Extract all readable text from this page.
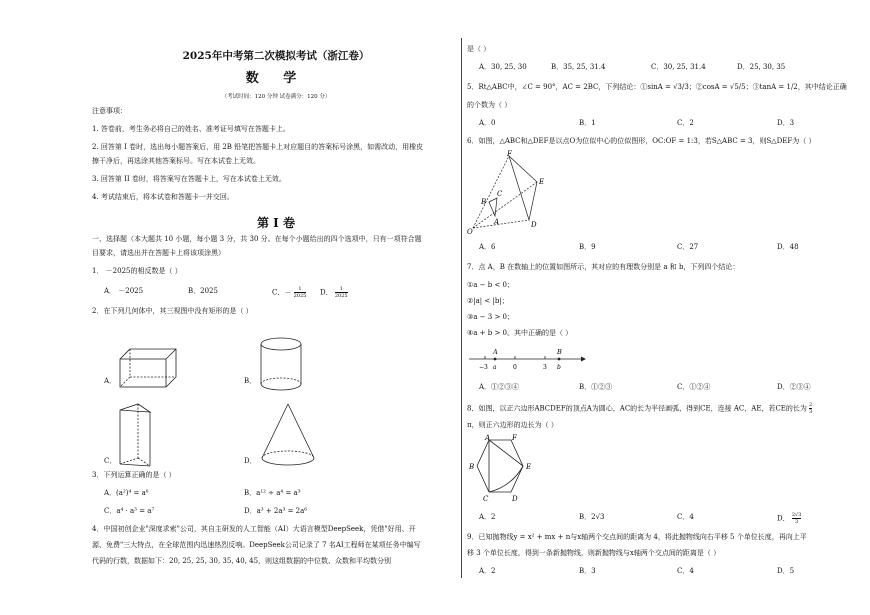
2025年中考第二次模拟考试（浙江卷）
数 学
（考试时间：120 分钟 试卷满分：120 分）
注意事项：
1. 答卷前，考生务必将自己的姓名、准考证号填写在答题卡上。
2. 回答第 I 卷时，选出每小题答案后，用 2B 铅笔把答题卡上对应题目的答案标号涂黑，如需改动，用橡皮
擦干净后，再选涂其他答案标号。写在本试卷上无效。
3. 回答第 II 卷时，将答案写在答题卡上，写在本试卷上无效。
4. 考试结束后，将本试卷和答题卡一并交回。
第 I 卷
一、选择题（本大题共 10 小题，每小题 3 分，共 30 分。在每个小题给出的四个选项中，只有一项符合题
目要求，请选出并在答题卡上将该项涂黑）
1． －2025的相反数是（ ）
A． －2025	B．2025	C．－ $\frac{1}{2025}$ D． $\frac{1}{2025}$
2．在下列几何体中，其三视图中没有矩形的是（ ）
A．	B．
C．	D．
3．下列运算正确的是（ ）
A．(a²)⁴ = a⁶	B．a¹² ÷ a⁴ = a³
C．a⁴ · a³ = a⁷	D．a³ + 2a³ = 2a⁶
4．中国初创企业"深度求索"公司，其自主研发的人工智能（AI）大语言模型DeepSeek，凭借"好用、开
源、免费"三大特点，在全球范围内迅速热烈反响。DeepSeek公司记录了 7 名AI工程师在某项任务中编写
代码的行数，数据如下：20, 25, 25, 30, 35, 40, 45，则这组数据的中位数、众数和平均数分别
是（ ）
A．30, 25, 30	B．35, 25, 31.4	C．30, 25, 31.4	D．25, 30, 35
5．Rt△ABC中，∠C = 90°，AC = 2BC，下列结论：①sinA = √3/3；②cosA = √5/5；③tanA = 1/2，其中结论正确
的个数为（ ）
A．0	B．1	C．2	D．3
6．如图，△ABC和△DEF是以点O为位似中心的位似图形，OC:OF = 1:3，若S△ABC = 3，则S△DEF为（ ）
F
E
C
B
A	D
O
A．6	B．9	C．27	D．48
7．点 A，B 在数轴上的位置如图所示，其对应的有理数分别是 a 和 b，下列四个结论：
①a − b < 0；
②|a| < |b|；
③a − 3 > 0；
④a + b > 0。其中正确的是（ ）
A	B
−3 a	0	3 b
A．①②③④	B．①②③	C．①②④	D．②③④
8．如图，以正六边形ABCDEF的顶点A为圆心，AC的长为半径画弧，得到CE，连接 AC，AE，若CE的长为 $\frac{2}{3}$
π，则正六边形的边长为（ ）
A	F
B	E
C	D
A．2	B．2√3	C．4	D． $\frac{2√3}{3}$
9．已知抛物线y = x² + mx + n与x轴两个交点间的距离为 4，将此抛物线向右平移 5 个单位长度，再向上平
移 3 个单位长度，得到一条新抛物线，则新抛物线与x轴两个交点间的距离是（ ）
A．2	B．3	C．4	D．5
